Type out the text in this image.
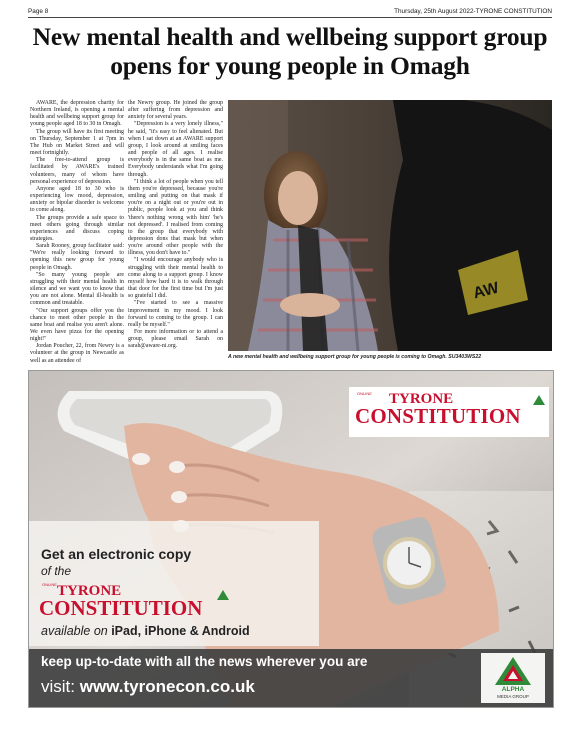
Page 8	Thursday, 25th August 2022-TYRONE CONSTITUTION
New mental health and wellbeing support group opens for young people in Omagh

AWARE, the depression charity for Northern Ireland, is opening a mental health and wellbeing support group for young people aged 18 to 30 in Omagh.

The group will have its first meeting on Thursday, September 1 at 7pm in The Hub on Market Street and will meet fortnightly.

The free-to-attend group is facilitated by AWARE's trained volunteers, many of whom have personal experience of depression.

Anyone aged 18 to 30 who is experiencing low mood, depression, anxiety or bipolar disorder is welcome to come along.

The groups provide a safe space to meet others going through similar experiences and discuss coping strategies.

Sarah Rooney, group facilitator said: "We're really looking forward to opening this new group for young people in Omagh.

"So many young people are struggling with their mental health in silence and we want you to know that you are not alone. Mental ill-health is common and treatable.

"Our support groups offer you the chance to meet other people in the same boat and realise you aren't alone. We even have pizza for the opening night!"

Jordan Poucher, 22, from Newry is a volunteer at the group in Newcastle as well as an attendee of

the Newry group. He joined the group after suffering from depression and anxiety for several years.

"Depression is a very lonely illness," he said, "it's easy to feel alienated. But when I sat down at an AWARE support group, I look around at smiling faces and people of all ages. I realise everybody is in the same boat as me. Everybody understands what I'm going through.

"I think a lot of people when you tell them you're depressed, because you're smiling and putting on that mask if you're on a night out or you're out in public, people look at you and think 'there's nothing wrong with him' 'he's not depressed'. I realised from coming to the group that everybody with depression dons that mask but when you're around other people with the illness, you don't have to."

"I would encourage anybody who is struggling with their mental health to come along to a support group. I know myself how hard it is to walk through that door for the first time but I'm just so grateful I did.

"I've started to see a massive improvement in my mood. I look forward to coming to the group. I can really be myself."

For more information or to attend a group, please email Sarah on sarah@aware-ni.org.

AW
A new mental health and wellbeing support group for young people is coming to Omagh. SU3403WS22
ONLINE TYRONE
CONSTITUTION
Get an electronic copy
of the
ONLINE TYRONE
CONSTITUTION
available on iPad, iPhone & Android
keep up-to-date with all the news wherever you are
visit: www.tyronecon.co.uk	ALPHA
MEDIA GROUP
